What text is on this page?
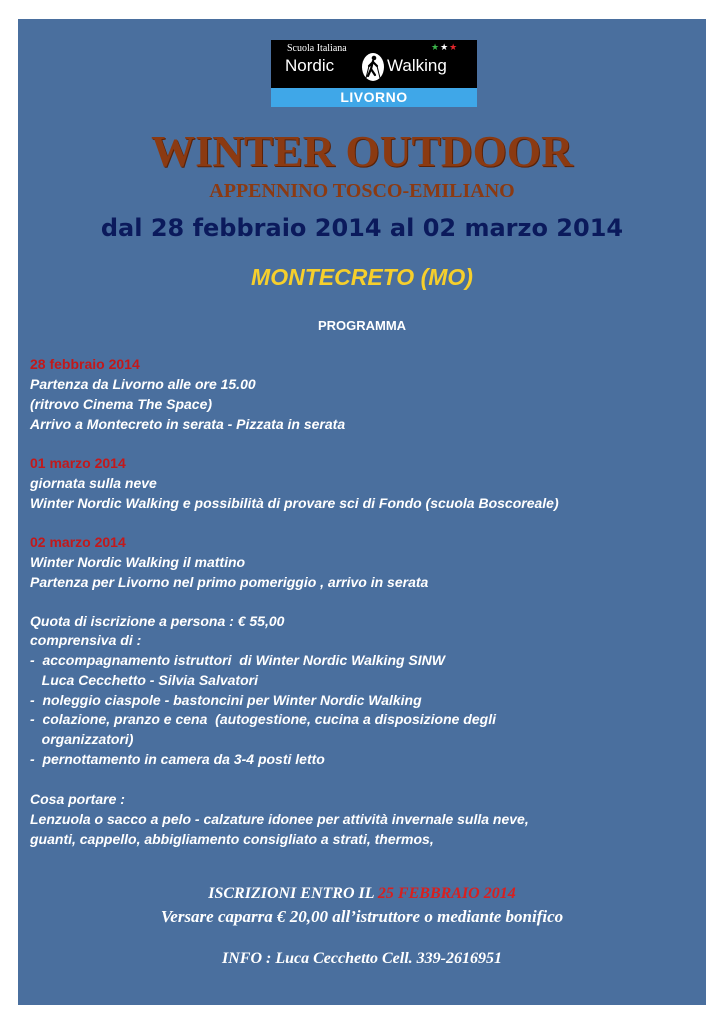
Scuola Italiana	★★★
Nordic	Walking
LIVORNO
WINTER OUTDOOR
APPENNINO TOSCO-EMILIANO
dal 28 febbraio 2014 al 02 marzo 2014
MONTECRETO (MO)
PROGRAMMA
28 febbraio 2014
Partenza da Livorno alle ore 15.00
(ritrovo Cinema The Space)
Arrivo a Montecreto in serata - Pizzata in serata
01 marzo 2014
giornata sulla neve
Winter Nordic Walking e possibilità di provare sci di Fondo (scuola Boscoreale)
02 marzo 2014
Winter Nordic Walking il mattino
Partenza per Livorno nel primo pomeriggio , arrivo in serata
Quota di iscrizione a persona : € 55,00
comprensiva di :
-  accompagnamento istruttori  di Winter Nordic Walking SINW
Luca Cecchetto - Silvia Salvatori
-  noleggio ciaspole - bastoncini per Winter Nordic Walking
-  colazione, pranzo e cena  (autogestione, cucina a disposizione degli
organizzatori)
-  pernottamento in camera da 3-4 posti letto
Cosa portare :
Lenzuola o sacco a pelo - calzature idonee per attività invernale sulla neve,
guanti, cappello, abbigliamento consigliato a strati, thermos,
ISCRIZIONI ENTRO IL 25 FEBBRAIO 2014
Versare caparra € 20,00 all’istruttore o mediante bonifico
INFO : Luca Cecchetto Cell. 339-2616951
